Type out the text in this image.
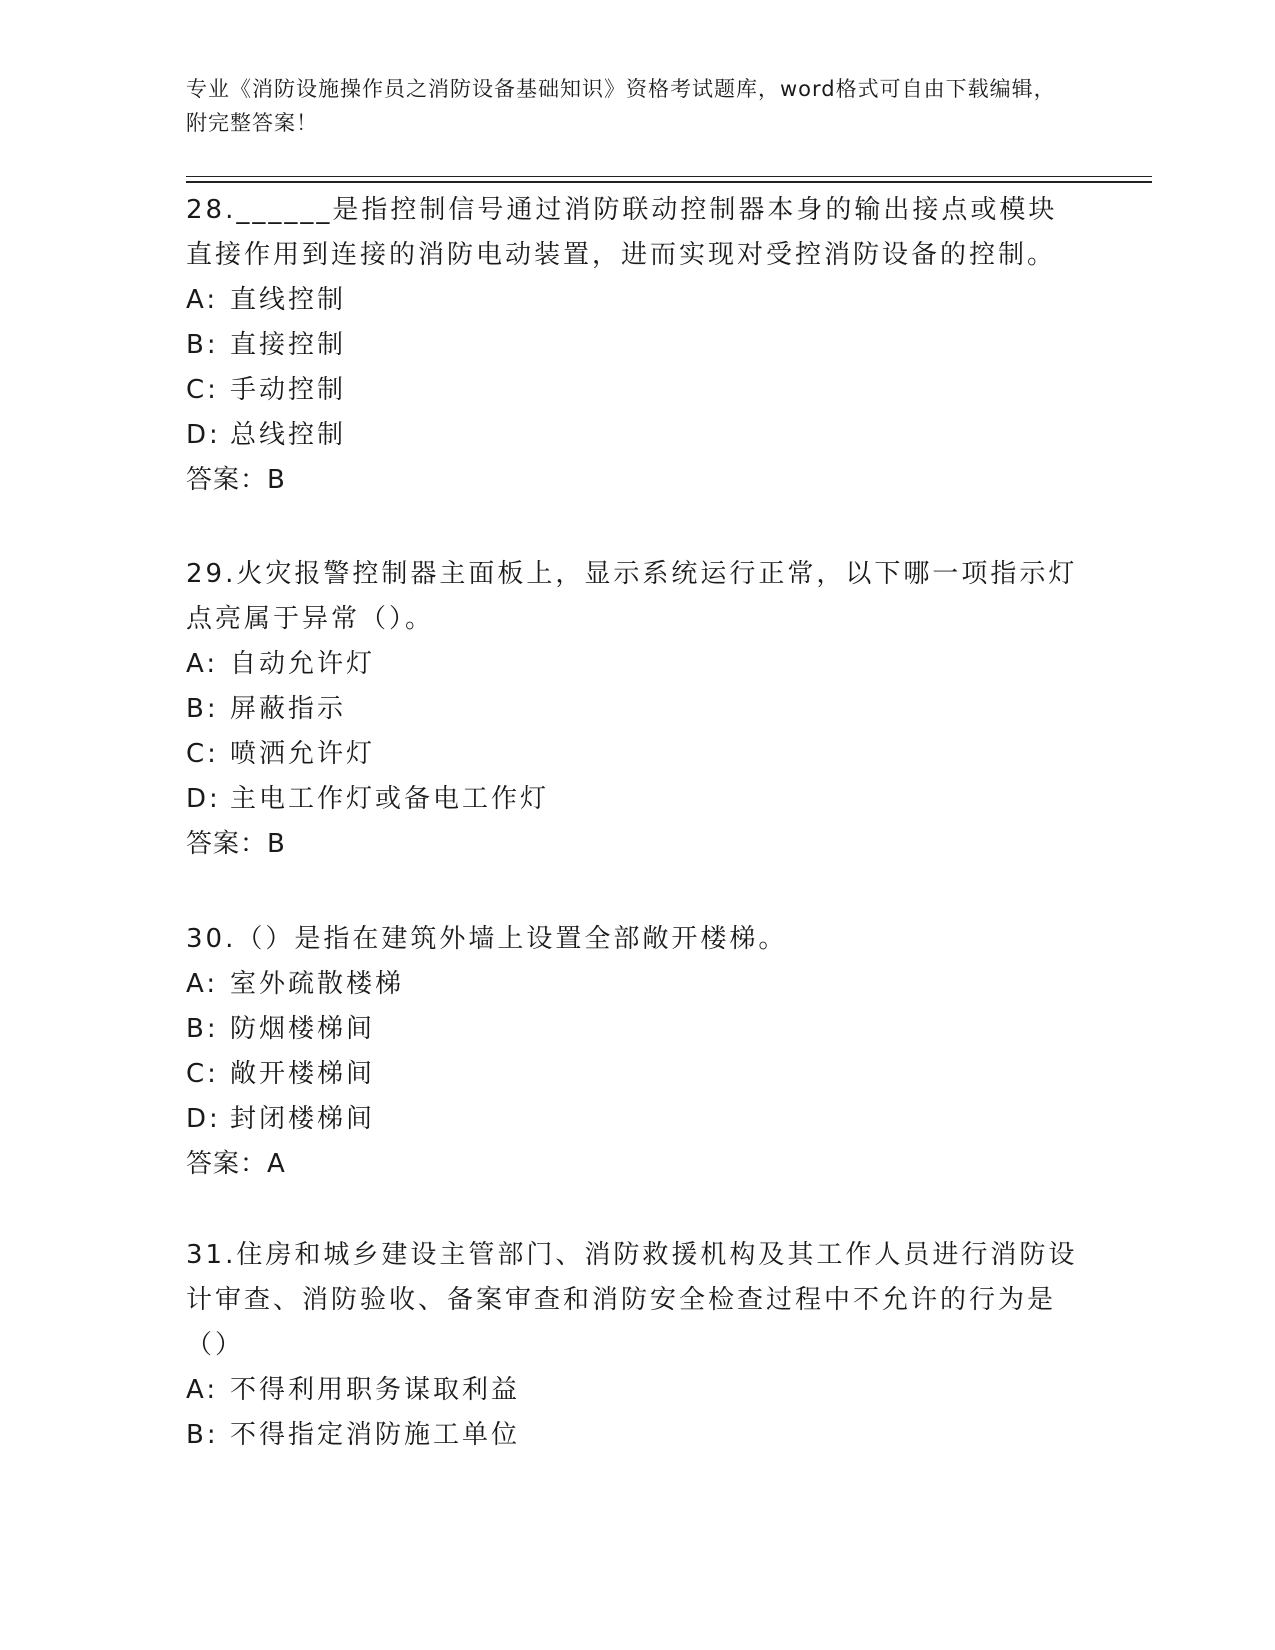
专业《消防设施操作员之消防设备基础知识》资格考试题库，word格式可自由下载编辑，附完整答案！
28.______是指控制信号通过消防联动控制器本身的输出接点或模块直接作用到连接的消防电动装置，进而实现对受控消防设备的控制。
A: 直线控制
B: 直接控制
C: 手动控制
D: 总线控制
答案：B
29.火灾报警控制器主面板上，显示系统运行正常，以下哪一项指示灯点亮属于异常（）。
A: 自动允许灯
B: 屏蔽指示
C: 喷洒允许灯
D: 主电工作灯或备电工作灯
答案：B
30.（）是指在建筑外墙上设置全部敞开楼梯。
A: 室外疏散楼梯
B: 防烟楼梯间
C: 敞开楼梯间
D: 封闭楼梯间
答案：A
31.住房和城乡建设主管部门、消防救援机构及其工作人员进行消防设计审查、消防验收、备案审查和消防安全检查过程中不允许的行为是（）
A: 不得利用职务谋取利益
B: 不得指定消防施工单位
